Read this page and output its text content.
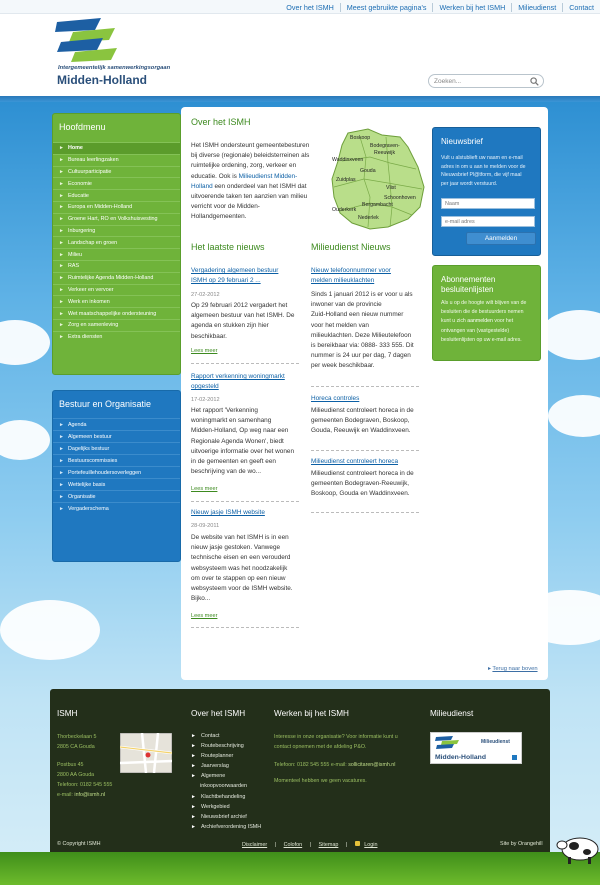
Over het ISMH	Meest gebruikte pagina's	Werken bij het ISMH	Milieudienst	Contact
Intergemeentelijk samenwerkingsorgaan
Midden-Holland	Zoeken...
Hoofdmenu
► Home
► Bureau leerlingzaken
► Cultuurparticipatie
► Economie
► Educatie
► Europa en Midden-Holland
► Groene Hart, RO en Volkshuisvesting
► Inburgering
► Landschap en groen
► Milieu
► RAS
► Ruimtelijke Agenda Midden-Holland
► Verkeer en vervoer
► Werk en inkomen
► Wet maatschappelijke ondersteuning
► Zorg en samenleving
► Extra diensten
Bestuur en Organisatie
► Agenda
► Algemeen bestuur
► Dagelijks bestuur
► Bestuurscommissies
► Portefeuillehoudersoverleggen
► Wettelijke basis
► Organisatie
► Vergaderschema
Over het ISMH
Het ISMH ondersteunt gemeentebesturen
bij diverse (regionale) beleidsterreinen als
ruimtelijke ordening, zorg, verkeer en
educatie. Ook is Milieudienst Midden-
Holland een onderdeel van het ISMH dat
uitvoerende taken ten aanzien van milieu
verricht voor de Midden-
Hollandgemeenten.
Boskoop
Bodegraven-
Reeuwijk
Waddinxveen
Gouda
Zuidplas
Vlist
Schoonhoven
Ouderkerk
Bergambacht
Nederlek
Het laatste nieuws
Vergadering algemeen bestuur
ISMH op 29 februari 2 ...
27-02-2012
Op 29 februari 2012 vergadert het
algemeen bestuur van het ISMH. De
agenda en stukken zijn hier
beschikbaar.
Lees meer
Rapport verkenning woningmarkt
opgesteld
17-02-2012
Het rapport 'Verkenning
woningmarkt en samenhang
Midden-Holland, Op weg naar een
Regionale Agenda Wonen', biedt
uitvoerige informatie over het wonen
in de gemeenten en geeft een
beschrijving van de wo...
Lees meer
Nieuw jasje ISMH website
28-09-2011
De website van het ISMH is in een
nieuw jasje gestoken. Vanwege
technische eisen en een verouderd
websysteem was het noodzakelijk
om over te stappen op een nieuw
websysteem voor de ISMH website.
Bijko...
Lees meer
Milieudienst Nieuws
Nieuw telefoonnummer voor
melden milieuklachten
Sinds 1 januari 2012 is er voor u als
inwoner van de provincie
Zuid-Holland een nieuw nummer
voor het melden van
milieuklachten. Deze Milieutelefoon
is bereikbaar via: 0888- 333 555. Dit
nummer is 24 uur per dag, 7 dagen
per week beschikbaar.
Horeca controles
Milieudienst controleert horeca in de
gemeenten Bodegraven, Boskoop,
Gouda, Reeuwijk en Waddinxveen.
Milieudienst controleert horeca
Milieudienst controleert horeca in de
gemeenten Bodegraven-Reeuwijk,
Boskoop, Gouda en Waddinxveen.
▸ Terug naar boven
Nieuwsbrief
Vult u alstublieft uw naam en e-mail
adres in om u aan te melden voor de
Nieuwsbrief Pl@tform, die vijf maal
per jaar wordt verstuurd.
Naam
e-mail adres
Aanmelden
Abonnementen
besluitenlijsten
Als u op de hoogte wilt blijven van de
besluiten die de bestuurders nemen
kunt u zich aanmelden voor het
ontvangen van (vastgestelde)
besluitenlijsten op uw e-mail adres.
ISMH
Thorbeckelaan 5
2805 CA Gouda
Postbus 45
2800 AA Gouda
Telefoon: 0182 545 555
e-mail: info@ismh.nl
Over het ISMH
► Contact
► Routebeschrijving
► Routeplanner
► Jaarverslag
► Algemene
inkoopvoorwaarden
► Klachtbehandeling
► Werkgebied
► Nieuwsbrief archief
► Archiefverordening ISMH
Werken bij het ISMH
Interesse in onze organisatie? Voor informatie kunt u
contact opnemen met de afdeling P&O.
Telefoon: 0182 545 555 e-mail: sollicitaren@ismh.nl
Momenteel hebben we geen vacatures.
Milieudienst
Milieudienst
Midden-Holland
© Copyright ISMH	Disclaimer | Colofon | Sitemap |	Login	Site by Orangehill
